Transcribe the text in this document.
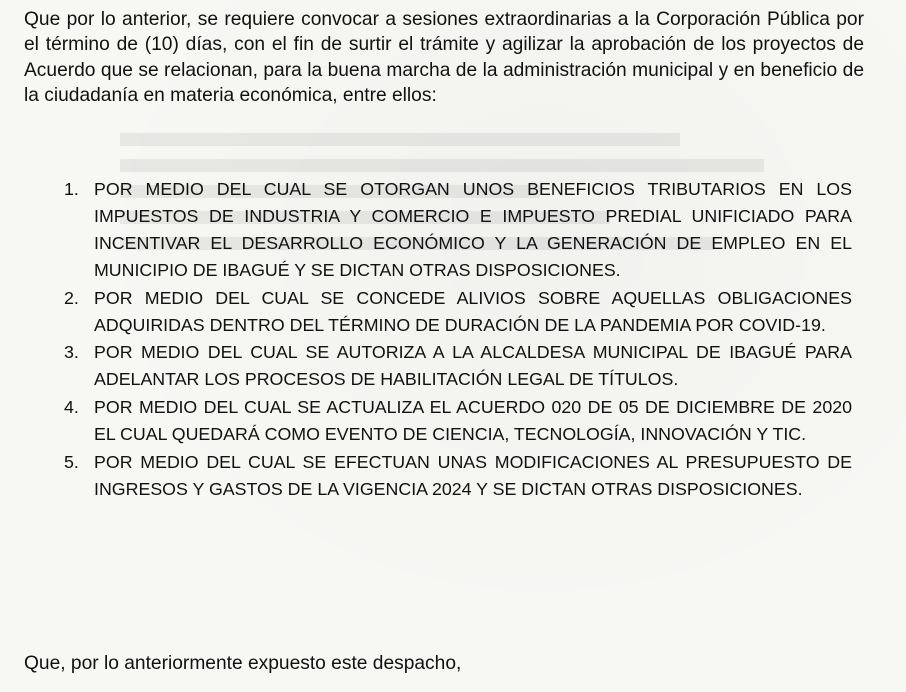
Que por lo anterior, se requiere convocar a sesiones extraordinarias a la Corporación Pública por el término de (10) días, con el fin de surtir el trámite y agilizar la aprobación de los proyectos de Acuerdo que se relacionan, para la buena marcha de la administración municipal y en beneficio de la ciudadanía en materia económica, entre ellos:

1. POR MEDIO DEL CUAL SE OTORGAN UNOS BENEFICIOS TRIBUTARIOS EN LOS IMPUESTOS DE INDUSTRIA Y COMERCIO E IMPUESTO PREDIAL UNIFICIADO PARA INCENTIVAR EL DESARROLLO ECONÓMICO Y LA GENERACIÓN DE EMPLEO EN EL MUNICIPIO DE IBAGUÉ Y SE DICTAN OTRAS DISPOSICIONES.
2. POR MEDIO DEL CUAL SE CONCEDE ALIVIOS SOBRE AQUELLAS OBLIGACIONES ADQUIRIDAS DENTRO DEL TÉRMINO DE DURACIÓN DE LA PANDEMIA POR COVID-19.
3. POR MEDIO DEL CUAL SE AUTORIZA A LA ALCALDESA MUNICIPAL DE IBAGUÉ PARA ADELANTAR LOS PROCESOS DE HABILITACIÓN LEGAL DE TÍTULOS.
4. POR MEDIO DEL CUAL SE ACTUALIZA EL ACUERDO 020 DE 05 DE DICIEMBRE DE 2020 EL CUAL QUEDARÁ COMO EVENTO DE CIENCIA, TECNOLOGÍA, INNOVACIÓN Y TIC.
5. POR MEDIO DEL CUAL SE EFECTUAN UNAS MODIFICACIONES AL PRESUPUESTO DE INGRESOS Y GASTOS DE LA VIGENCIA 2024 Y SE DICTAN OTRAS DISPOSICIONES.

Que, por lo anteriormente expuesto este despacho,
